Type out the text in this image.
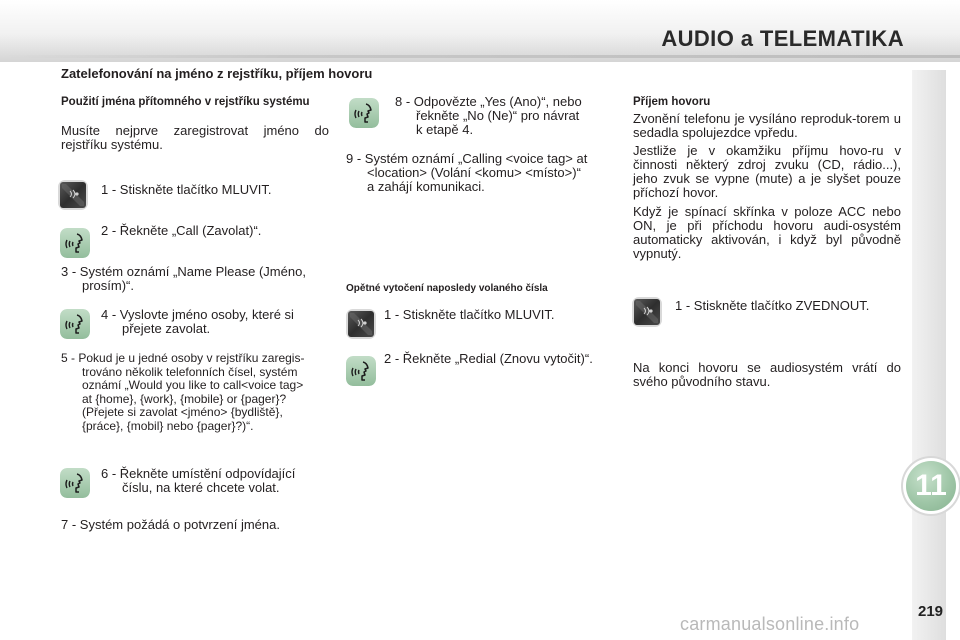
AUDIO a TELEMATIKA
11
219
carmanualsonline.info
Zatelefonování na jméno z rejstříku, příjem hovoru
Použití jména přítomného v rejstříku systému
Musíte nejprve zaregistrovat jméno do rejstříku systému.
1 - Stiskněte tlačítko MLUVIT.
2 - Řekněte „Call (Zavolat)“.
3 - Systém oznámí „Name Please (Jméno,
prosím)“.
4 - Vyslovte jméno osoby, které si
přejete zavolat.
5 - Pokud je u jedné osoby v rejstříku zaregis-
trováno několik telefonních čísel, systém
oznámí „Would you like to call<voice tag>
at {home}, {work}, {mobile} or {pager}?
(Přejete si zavolat <jméno> {bydliště},
{práce}, {mobil} nebo {pager}?)“.
6 - Řekněte umístění odpovídající
číslu, na které chcete volat.
7 - Systém požádá o potvrzení jména.
8 - Odpovězte „Yes (Ano)“, nebo
řekněte „No (Ne)“ pro návrat
k etapě 4.
9 - Systém oznámí „Calling <voice tag> at
<location> (Volání <komu> <místo>)“
a zahájí komunikaci.
Opětné vytočení naposledy volaného čísla
1 - Stiskněte tlačítko MLUVIT.
2 - Řekněte „Redial (Znovu vytočit)“.
Příjem hovoru
Zvonění telefonu je vysíláno reproduk-torem u sedadla spolujezdce vpředu.
Jestliže je v okamžiku příjmu hovo-ru v činnosti některý zdroj zvuku (CD, rádio...), jeho zvuk se vypne (mute) a je slyšet pouze příchozí hovor.
Když je spínací skřínka v poloze ACC nebo ON, je při příchodu hovoru audi-osystém automaticky aktivován, i když byl původně vypnutý.
1 - Stiskněte tlačítko ZVEDNOUT.
Na konci hovoru se audiosystém vrátí do svého původního stavu.
